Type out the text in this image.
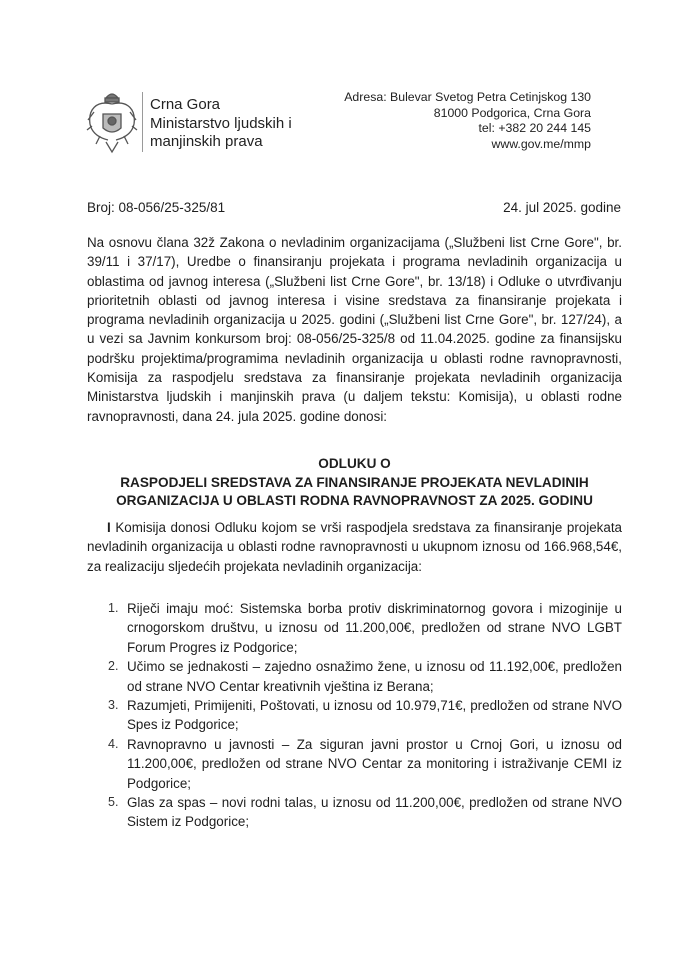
Crna Gora
Ministarstvo ljudskih i
manjinskih prava
Adresa: Bulevar Svetog Petra Cetinjskog 130
81000 Podgorica, Crna Gora
tel: +382 20 244 145
www.gov.me/mmp
Broj: 08-056/25-325/81	24. jul 2025. godine
Na osnovu člana 32ž Zakona o nevladinim organizacijama („Službeni list Crne Gore", br. 39/11 i 37/17), Uredbe o finansiranju projekata i programa nevladinih organizacija u oblastima od javnog interesa („Službeni list Crne Gore", br. 13/18) i Odluke o utvrđivanju prioritetnih oblasti od javnog interesa i visine sredstava za finansiranje projekata i programa nevladinih organizacija u 2025. godini („Službeni list Crne Gore", br. 127/24), a u vezi sa Javnim konkursom broj: 08-056/25-325/8 od 11.04.2025. godine za finansijsku podršku projektima/programima nevladinih organizacija u oblasti rodne ravnopravnosti, Komisija za raspodjelu sredstava za finansiranje projekata nevladinih organizacija Ministarstva ljudskih i manjinskih prava (u daljem tekstu: Komisija), u oblasti rodne ravnopravnosti, dana 24. jula 2025. godine donosi:
ODLUKU O
RASPODJELI SREDSTAVA ZA FINANSIRANJE PROJEKATA NEVLADINIH
ORGANIZACIJA U OBLASTI RODNA RAVNOPRAVNOST ZA 2025. GODINU
I Komisija donosi Odluku kojom se vrši raspodjela sredstava za finansiranje projekata nevladinih organizacija u oblasti rodne ravnopravnosti u ukupnom iznosu od 166.968,54€, za realizaciju sljedećih projekata nevladinih organizacija:
1. Riječi imaju moć: Sistemska borba protiv diskriminatornog govora i mizoginije u crnogorskom društvu, u iznosu od 11.200,00€, predložen od strane NVO LGBT Forum Progres iz Podgorice;
2. Učimo se jednakosti – zajedno osnažimo žene, u iznosu od 11.192,00€, predložen od strane NVO Centar kreativnih vještina iz Berana;
3. Razumjeti, Primijeniti, Poštovati, u iznosu od 10.979,71€, predložen od strane NVO Spes iz Podgorice;
4. Ravnopravno u javnosti – Za siguran javni prostor u Crnoj Gori, u iznosu od 11.200,00€, predložen od strane NVO Centar za monitoring i istraživanje CEMI iz Podgorice;
5. Glas za spas – novi rodni talas, u iznosu od 11.200,00€, predložen od strane NVO Sistem iz Podgorice;
